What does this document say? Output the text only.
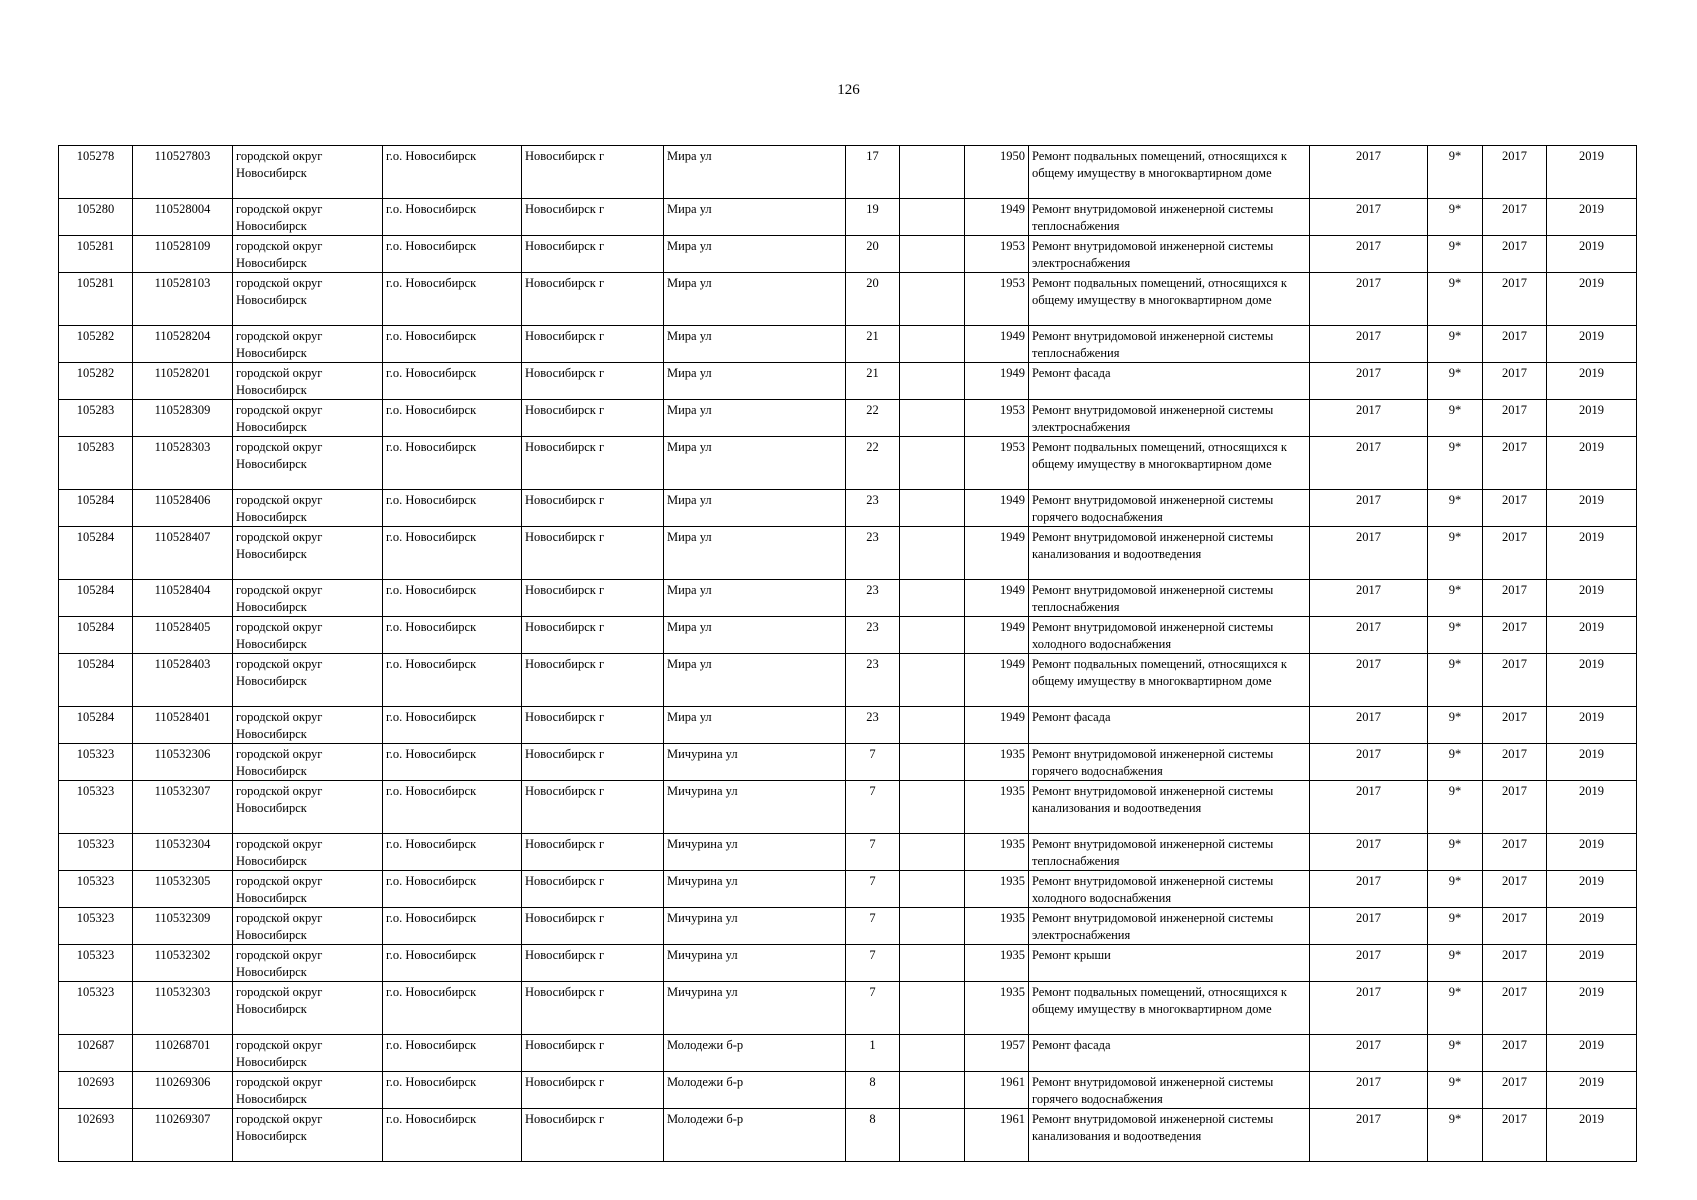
126
105278	110527803	городской округ Новосибирск	г.о. Новосибирск	Новосибирск г	Мира ул	17		1950	Ремонт подвальных помещений, относящихся к общему имуществу в многоквартирном доме	2017	9*	2017	2019
105280	110528004	городской округ Новосибирск	г.о. Новосибирск	Новосибирск г	Мира ул	19		1949	Ремонт внутридомовой инженерной системы теплоснабжения	2017	9*	2017	2019
105281	110528109	городской округ Новосибирск	г.о. Новосибирск	Новосибирск г	Мира ул	20		1953	Ремонт внутридомовой инженерной системы электроснабжения	2017	9*	2017	2019
105281	110528103	городской округ Новосибирск	г.о. Новосибирск	Новосибирск г	Мира ул	20		1953	Ремонт подвальных помещений, относящихся к общему имуществу в многоквартирном доме	2017	9*	2017	2019
105282	110528204	городской округ Новосибирск	г.о. Новосибирск	Новосибирск г	Мира ул	21		1949	Ремонт внутридомовой инженерной системы теплоснабжения	2017	9*	2017	2019
105282	110528201	городской округ Новосибирск	г.о. Новосибирск	Новосибирск г	Мира ул	21		1949	Ремонт фасада	2017	9*	2017	2019
105283	110528309	городской округ Новосибирск	г.о. Новосибирск	Новосибирск г	Мира ул	22		1953	Ремонт внутридомовой инженерной системы электроснабжения	2017	9*	2017	2019
105283	110528303	городской округ Новосибирск	г.о. Новосибирск	Новосибирск г	Мира ул	22		1953	Ремонт подвальных помещений, относящихся к общему имуществу в многоквартирном доме	2017	9*	2017	2019
105284	110528406	городской округ Новосибирск	г.о. Новосибирск	Новосибирск г	Мира ул	23		1949	Ремонт внутридомовой инженерной системы горячего водоснабжения	2017	9*	2017	2019
105284	110528407	городской округ Новосибирск	г.о. Новосибирск	Новосибирск г	Мира ул	23		1949	Ремонт внутридомовой инженерной системы канализования и водоотведения	2017	9*	2017	2019
105284	110528404	городской округ Новосибирск	г.о. Новосибирск	Новосибирск г	Мира ул	23		1949	Ремонт внутридомовой инженерной системы теплоснабжения	2017	9*	2017	2019
105284	110528405	городской округ Новосибирск	г.о. Новосибирск	Новосибирск г	Мира ул	23		1949	Ремонт внутридомовой инженерной системы холодного водоснабжения	2017	9*	2017	2019
105284	110528403	городской округ Новосибирск	г.о. Новосибирск	Новосибирск г	Мира ул	23		1949	Ремонт подвальных помещений, относящихся к общему имуществу в многоквартирном доме	2017	9*	2017	2019
105284	110528401	городской округ Новосибирск	г.о. Новосибирск	Новосибирск г	Мира ул	23		1949	Ремонт фасада	2017	9*	2017	2019
105323	110532306	городской округ Новосибирск	г.о. Новосибирск	Новосибирск г	Мичурина ул	7		1935	Ремонт внутридомовой инженерной системы горячего водоснабжения	2017	9*	2017	2019
105323	110532307	городской округ Новосибирск	г.о. Новосибирск	Новосибирск г	Мичурина ул	7		1935	Ремонт внутридомовой инженерной системы канализования и водоотведения	2017	9*	2017	2019
105323	110532304	городской округ Новосибирск	г.о. Новосибирск	Новосибирск г	Мичурина ул	7		1935	Ремонт внутридомовой инженерной системы теплоснабжения	2017	9*	2017	2019
105323	110532305	городской округ Новосибирск	г.о. Новосибирск	Новосибирск г	Мичурина ул	7		1935	Ремонт внутридомовой инженерной системы холодного водоснабжения	2017	9*	2017	2019
105323	110532309	городской округ Новосибирск	г.о. Новосибирск	Новосибирск г	Мичурина ул	7		1935	Ремонт внутридомовой инженерной системы электроснабжения	2017	9*	2017	2019
105323	110532302	городской округ Новосибирск	г.о. Новосибирск	Новосибирск г	Мичурина ул	7		1935	Ремонт крыши	2017	9*	2017	2019
105323	110532303	городской округ Новосибирск	г.о. Новосибирск	Новосибирск г	Мичурина ул	7		1935	Ремонт подвальных помещений, относящихся к общему имуществу в многоквартирном доме	2017	9*	2017	2019
102687	110268701	городской округ Новосибирск	г.о. Новосибирск	Новосибирск г	Молодежи б-р	1		1957	Ремонт фасада	2017	9*	2017	2019
102693	110269306	городской округ Новосибирск	г.о. Новосибирск	Новосибирск г	Молодежи б-р	8		1961	Ремонт внутридомовой инженерной системы горячего водоснабжения	2017	9*	2017	2019
102693	110269307	городской округ Новосибирск	г.о. Новосибирск	Новосибирск г	Молодежи б-р	8		1961	Ремонт внутридомовой инженерной системы канализования и водоотведения	2017	9*	2017	2019
